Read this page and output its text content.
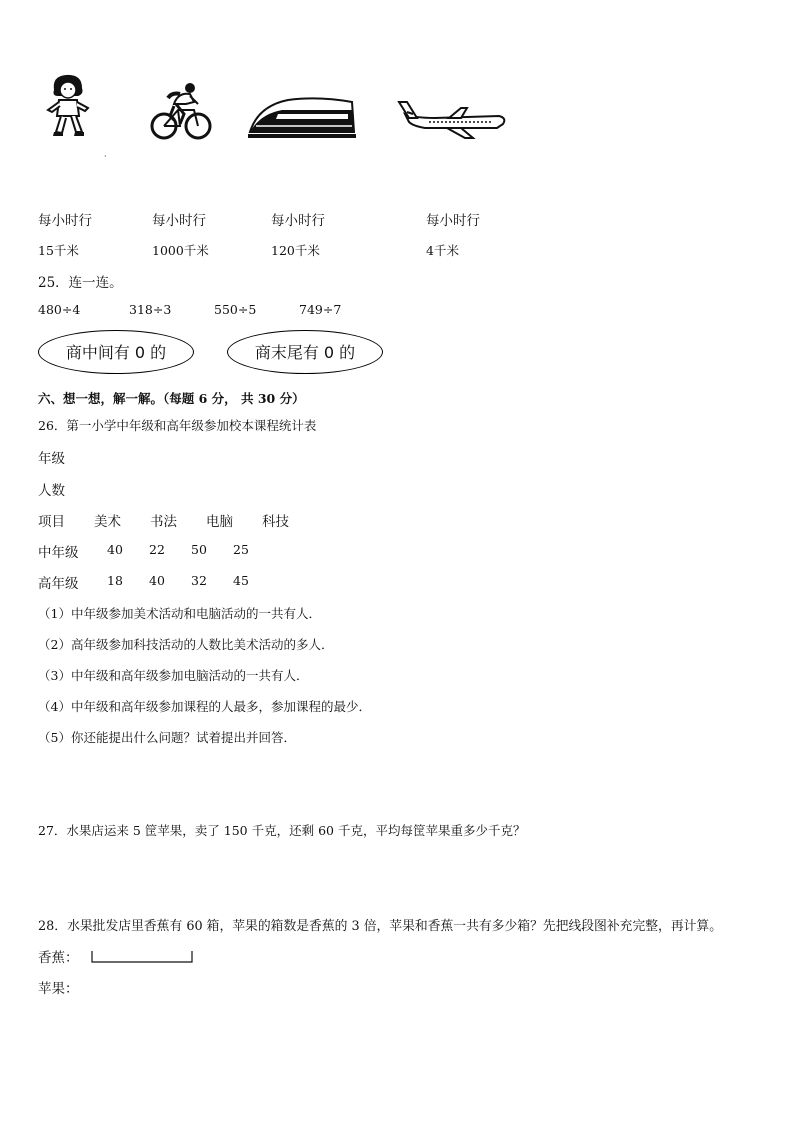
·
每小时行	每小时行	每小时行	每小时行
15千米	1000千米	120千米	4千米
25．连一连。
480÷4	318÷3	550÷5	749÷7
商中间有 0 的	商末尾有 0 的
六、想一想，解一解。（每题 6 分， 共 30 分）
26．第一小学中年级和高年级参加校本课程统计表
年级
人数
项目 美术 书法 电脑 科技
中年级 40 22 50 25
高年级 18 40 32 45
（1）中年级参加美术活动和电脑活动的一共有人．
（2）高年级参加科技活动的人数比美术活动的多人．
（3）中年级和高年级参加电脑活动的一共有人．
（4）中年级和高年级参加课程的人最多，参加课程的最少．
（5）你还能提出什么问题？试着提出并回答．
27．水果店运来 5 筐苹果，卖了 150 千克，还剩 60 千克，平均每筐苹果重多少千克？
28．水果批发店里香蕉有 60 箱，苹果的箱数是香蕉的 3 倍，苹果和香蕉一共有多少箱？先把线段图补充完整，再计算。
香蕉：
苹果：
